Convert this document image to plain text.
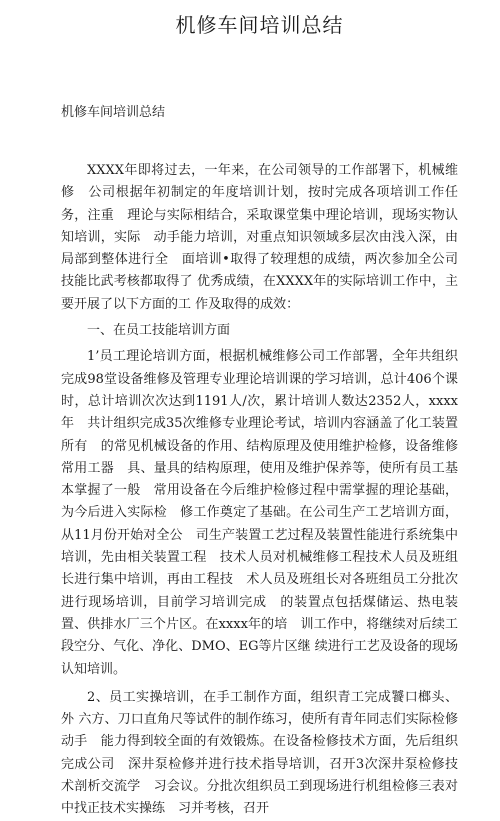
机修车间培训总结
机修车间培训总结

XXXX年即将过去，一年来，在公司领导的工作部署下，机械维修　公司根据年初制定的年度培训计划，按时完成各项培训工作任务，注重　理论与实际相结合，采取课堂集中理论培训，现场实物认知培训，实际　动手能力培训，对重点知识领域多层次由浅入深，由局部到整体进行全　面培训•取得了较理想的成绩，两次参加全公司技能比武考核都取得了 优秀成绩，在XXXX年的实际培训工作中，主要开展了以下方面的工 作及取得的成效：

一、在员工技能培训方面

1’员工理论培训方面，根据机械维修公司工作部署，全年共组织　完成98堂设备维修及管理专业理论培训课的学习培训，总计406个课 时，总计培训次次达到1191人/次，累计培训人数达2352人，xxxx年　共计组织完成35次维修专业理论考试，培训内容涵盖了化工装置所有　的常见机械设备的作用、结构原理及使用维护检修，设备维修常用工器　具、量具的结构原理，使用及维护保养等，使所有员工基本掌握了一般　常用设备在今后维护检修过程中需掌握的理论基础，为今后进入实际检　修工作奠定了基础。在公司生产工艺培训方面，从11月份开始对全公　司生产装置工艺过程及装置性能进行系统集中培训，先由相关装置工程　技术人员对机械维修工程技术人员及班组长进行集中培训，再由工程技　术人员及班组长对各班组员工分批次进行现场培训，目前学习培训完成　的装置点包括煤储运、热电装置、供排水厂三个片区。在xxxx年的培　训工作中，将继续对后续工段空分、气化、净化、DMO、EG等片区继 续进行工艺及设备的现场认知培训。

2、员工实操培训，在手工制作方面，组织青工完成饕口榔头、外 六方、刀口直角尺等试件的制作练习，使所有青年同志们实际检修动手　能力得到较全面的有效锻炼。在设备检修技术方面，先后组织完成公司　深井泵检修并进行技术指导培训，召开3次深井泵检修技术剖析交流学　习会议。分批次组织员工到现场进行机组检修三表对中找正技术实操练　习并考核，召开
